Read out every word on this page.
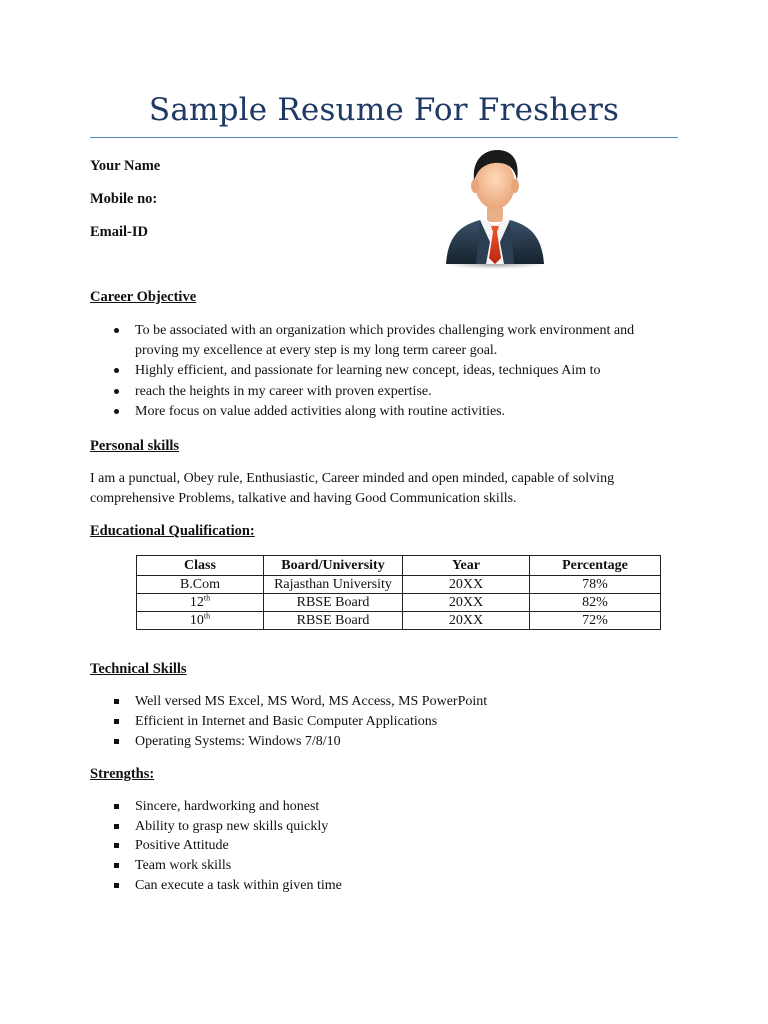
Sample Resume For Freshers
Your Name
Mobile no:
Email-ID
Career Objective
To be associated with an organization which provides challenging work environment and proving my excellence at every step is my long term career goal.
Highly efficient, and passionate for learning new concept, ideas, techniques Aim to
reach the heights in my career with proven expertise.
More focus on value added activities along with routine activities.
Personal skills
I am a punctual, Obey rule, Enthusiastic, Career minded and open minded, capable of solving comprehensive Problems, talkative and having Good Communication skills.
Educational Qualification:
Class	Board/University	Year	Percentage
B.Com	Rajasthan University	20XX	78%
12th	RBSE Board	20XX	82%
10th	RBSE Board	20XX	72%
Technical Skills
Well versed MS Excel, MS Word, MS Access, MS PowerPoint
Efficient in Internet and Basic Computer Applications
Operating Systems: Windows 7/8/10
Strengths:
Sincere, hardworking and honest
Ability to grasp new skills quickly
Positive Attitude
Team work skills
Can execute a task within given time
